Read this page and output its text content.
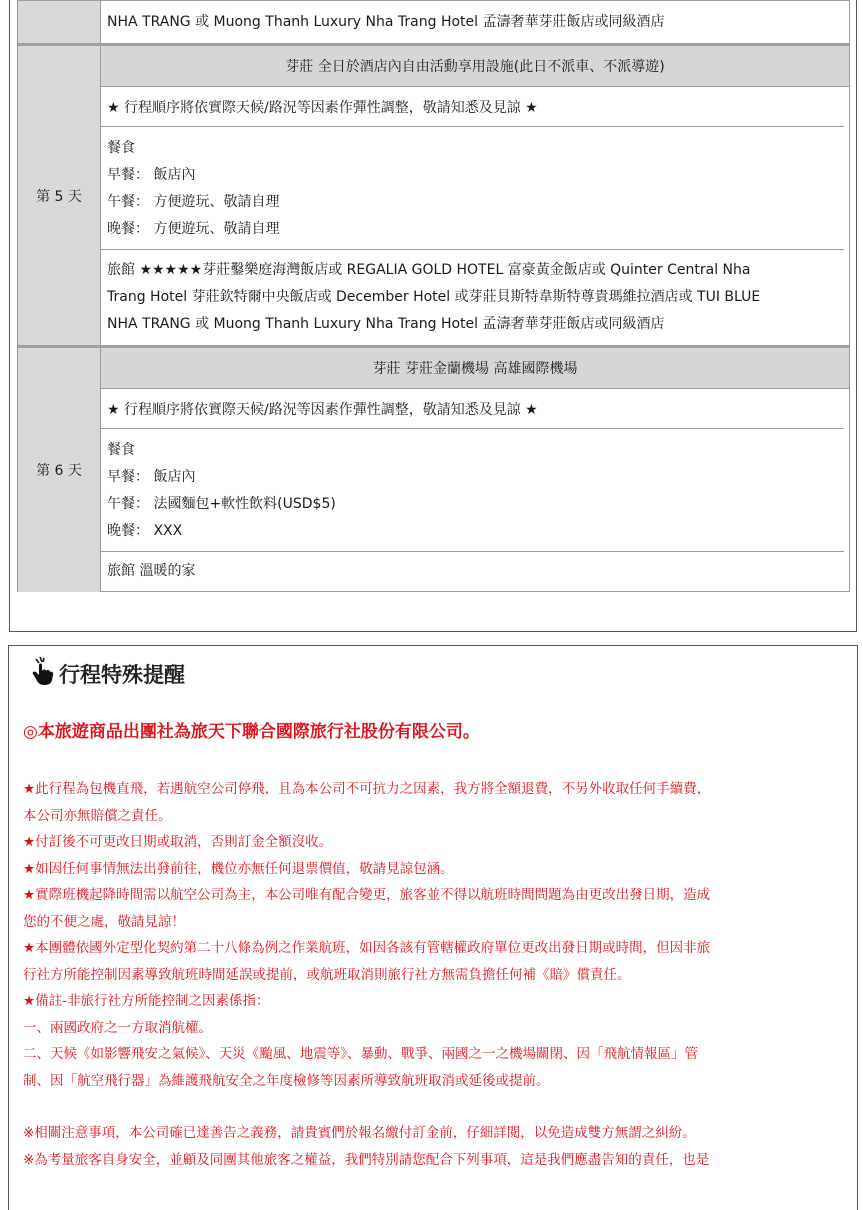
NHA TRANG 或 Muong Thanh Luxury Nha Trang Hotel 孟濤奢華芽莊飯店或同級酒店
第 5 天
芽莊 全日於酒店內自由活動享用設施(此日不派車、不派導遊)
★ 行程順序將依實際天候/路況等因素作彈性調整，敬請知悉及見諒 ★
餐食
早餐： 飯店內
午餐： 方便遊玩、敬請自理
晚餐： 方便遊玩、敬請自理
旅館 ★★★★★芽莊鑿樂庭海灣飯店或 REGALIA GOLD HOTEL 富豪黃金飯店或 Quinter Central Nha
Trang Hotel 芽莊欽特爾中央飯店或 December Hotel 或芽莊貝斯特韋斯特尊貴瑪維拉酒店或 TUI BLUE
NHA TRANG 或 Muong Thanh Luxury Nha Trang Hotel 孟濤奢華芽莊飯店或同級酒店
第 6 天
芽莊 芽莊金蘭機場 高雄國際機場
★ 行程順序將依實際天候/路況等因素作彈性調整，敬請知悉及見諒 ★
餐食
早餐： 飯店內
午餐： 法國麵包+軟性飲料(USD$5)
晚餐： XXX
旅館 溫暖的家
行程特殊提醒
◎本旅遊商品出團社為旅天下聯合國際旅行社股份有限公司。

★此行程為包機直飛，若遇航空公司停飛，且為本公司不可抗力之因素，我方將全額退費，不另外收取任何手續費，

本公司亦無賠償之責任。

★付訂後不可更改日期或取消，否則訂金全額沒收。

★如因任何事情無法出發前往，機位亦無任何退票價值，敬請見諒包涵。

★實際班機起降時間需以航空公司為主，本公司唯有配合變更，旅客並不得以航班時間問題為由更改出發日期，造成

您的不便之處，敬請見諒！

★本團體依國外定型化契約第二十八條為例之作業航班，如因各該有管轄權政府單位更改出發日期或時間，但因非旅

行社方所能控制因素導致航班時間延誤或提前，或航班取消則旅行社方無需負擔任何補《賠》償責任。

★備註-非旅行社方所能控制之因素係指：

一、兩國政府之一方取消航權。

二、天候《如影響飛安之氣候》、天災《颱風、地震等》、暴動、戰爭、兩國之一之機場關閉、因「飛航情報區」管

制、因「航空飛行器」為維護飛航安全之年度檢修等因素所導致航班取消或延後或提前。

※相關注意事項，本公司確已達善告之義務，請貴賓們於報名繳付訂金前，仔細詳閱，以免造成雙方無謂之糾紛。

※為考量旅客自身安全，並顧及同團其他旅客之權益，我們特別請您配合下列事項，這是我們應盡告知的責任，也是
